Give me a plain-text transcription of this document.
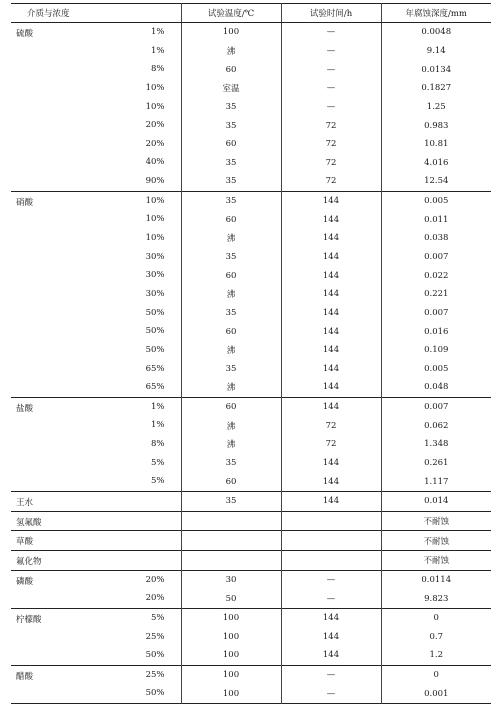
介质与浓度	试验温度/℃	试验时间/h	年腐蚀深度/mm

硫酸 1%	100	—	0.0048

1%	沸	—	9.14

8%	60	—	0.0134

10%	室温	—	0.1827

10%	35	—	1.25

20%	35	72	0.983

20%	60	72	10.81

40%	35	72	4.016

90%	35	72	12.54

硝酸 10%	35	144	0.005

10%	60	144	0.011

10%	沸	144	0.038

30%	35	144	0.007

30%	60	144	0.022

30%	沸	144	0.221

50%	35	144	0.007

50%	60	144	0.016

50%	沸	144	0.109

65%	35	144	0.005

65%	沸	144	0.048

盐酸 1%	60	144	0.007

1%	沸	72	0.062

8%	沸	72	1.348

5%	35	144	0.261

5%	60	144	1.117

王水	35	144	0.014

氢氟酸			不耐蚀

草酸			不耐蚀

氟化物			不耐蚀

磷酸 20%	30	—	0.0114

20%	50	—	9.823

柠檬酸 5%	100	144	0

25%	100	144	0.7

50%	100	144	1.2

醋酸 25%	100	—	0

50%	100	—	0.001
